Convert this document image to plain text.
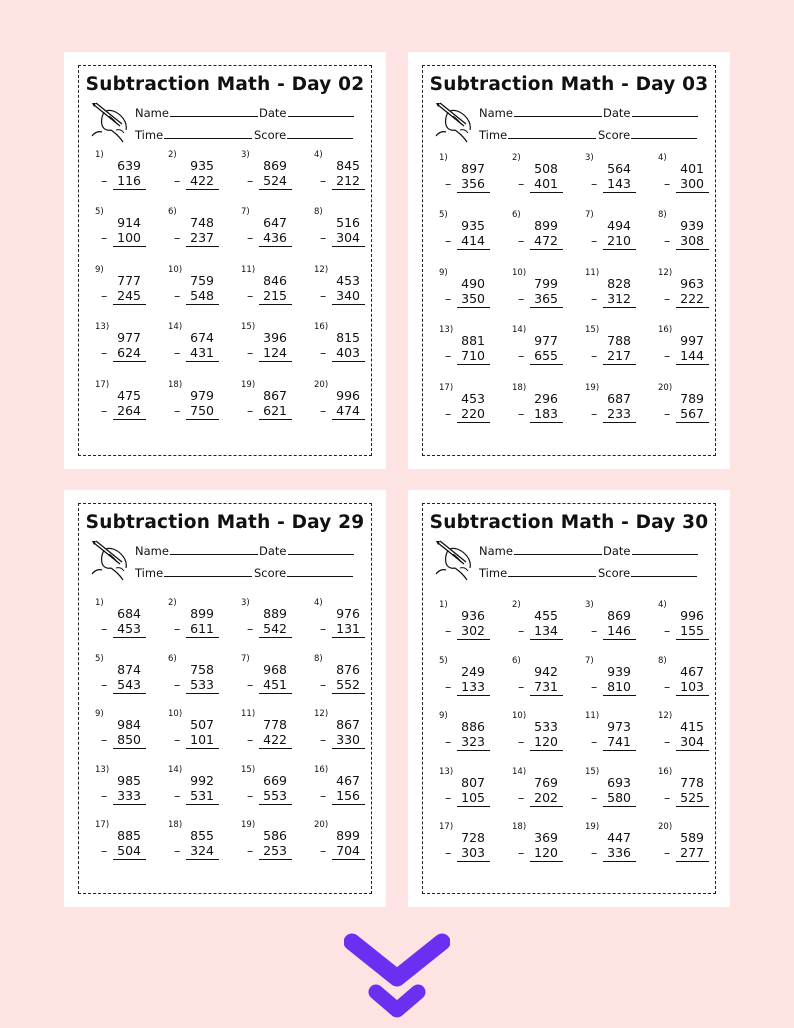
Subtraction Math - Day 02
Name	Date
Time	Score
1)
639
– 116
2)
935
– 422
3)
869
– 524
4)
845
– 212
5)
914
– 100
6)
748
– 237
7)
647
– 436
8)
516
– 304
9)
777
– 245
10)
759
– 548
11)
846
– 215
12)
453
– 340
13)
977
– 624
14)
674
– 431
15)
396
– 124
16)
815
– 403
17)
475
– 264
18)
979
– 750
19)
867
– 621
20)
996
– 474
Subtraction Math - Day 03
Name	Date
Time	Score
1)
897
– 356
2)
508
– 401
3)
564
– 143
4)
401
– 300
5)
935
– 414
6)
899
– 472
7)
494
– 210
8)
939
– 308
9)
490
– 350
10)
799
– 365
11)
828
– 312
12)
963
– 222
13)
881
– 710
14)
977
– 655
15)
788
– 217
16)
997
– 144
17)
453
– 220
18)
296
– 183
19)
687
– 233
20)
789
– 567
Subtraction Math - Day 29
Name	Date
Time	Score
1)
684
– 453
2)
899
– 611
3)
889
– 542
4)
976
– 131
5)
874
– 543
6)
758
– 533
7)
968
– 451
8)
876
– 552
9)
984
– 850
10)
507
– 101
11)
778
– 422
12)
867
– 330
13)
985
– 333
14)
992
– 531
15)
669
– 553
16)
467
– 156
17)
885
– 504
18)
855
– 324
19)
586
– 253
20)
899
– 704
Subtraction Math - Day 30
Name	Date
Time	Score
1)
936
– 302
2)
455
– 134
3)
869
– 146
4)
996
– 155
5)
249
– 133
6)
942
– 731
7)
939
– 810
8)
467
– 103
9)
886
– 323
10)
533
– 120
11)
973
– 741
12)
415
– 304
13)
807
– 105
14)
769
– 202
15)
693
– 580
16)
778
– 525
17)
728
– 303
18)
369
– 120
19)
447
– 336
20)
589
– 277
